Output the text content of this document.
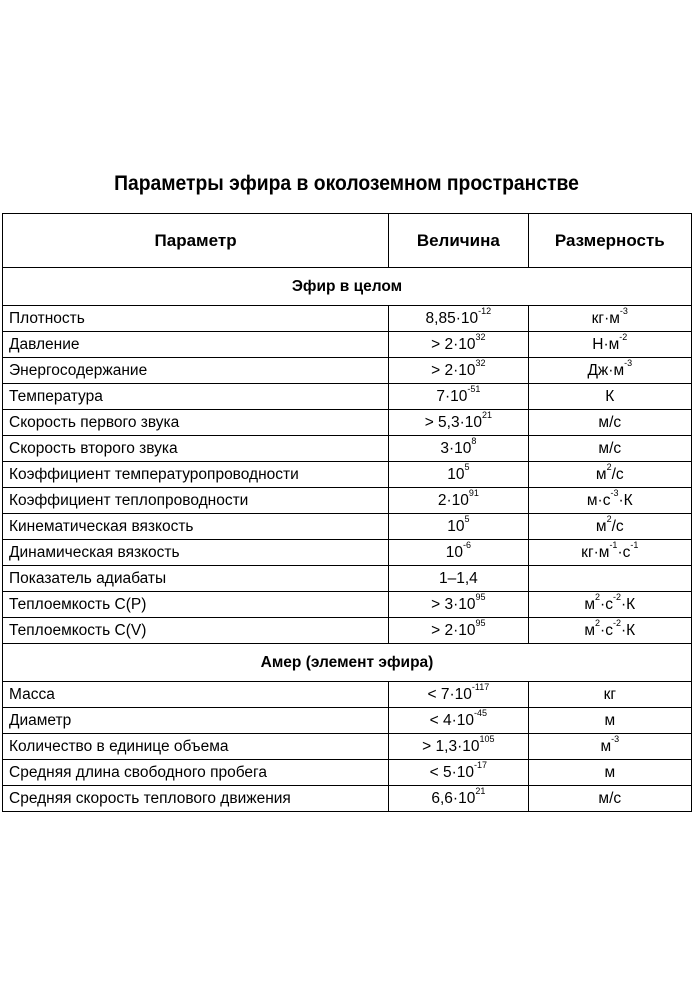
Параметры эфира в околоземном пространстве
Параметр	Величина	Размерность
Эфир в целом		
Плотность	$8,85\cdot 10^{-12}$	$кг\cdot м^{-3}$
Давление	> $2\cdot 10^{32}$	$Н\cdot м^{-2}$
Энергосодержание	> $2\cdot 10^{32}$	$Дж\cdot м^{-3}$
Температура	$7\cdot 10^{-51}$	К
Скорость первого звука	> $5,3\cdot 10^{21}$	м/с
Скорость второго звука	$3\cdot 10^8$	м/с
Коэффициент температуропроводности	$10^5$	$м^2/с$
Коэффициент теплопроводности	$2\cdot 10^{91}$	$м\cdot с^{-3}\cdot К$
Кинематическая вязкость	$10^5$	$м^2/с$
Динамическая вязкость	$10^{-6}$	$кг\cdot м^{-1}\cdot с^{-1}$
Показатель адиабаты	1–1,4	
Теплоемкость С(Р)	> $3\cdot 10^{95}$	$м^2\cdot с^{-2}\cdot К$
Теплоемкость С(V)	> $2\cdot 10^{95}$	$м^2\cdot с^{-2}\cdot К$
Амер (элемент эфира)		
Масса	< $7\cdot 10^{-117}$	кг
Диаметр	< $4\cdot 10^{-45}$	м
Количество в единице объема	> $1,3\cdot 10^{105}$	$м^{-3}$
Средняя длина свободного пробега	< $5\cdot 10^{-17}$	м
Средняя скорость теплового движения	$6,6\cdot 10^{21}$	м/с
